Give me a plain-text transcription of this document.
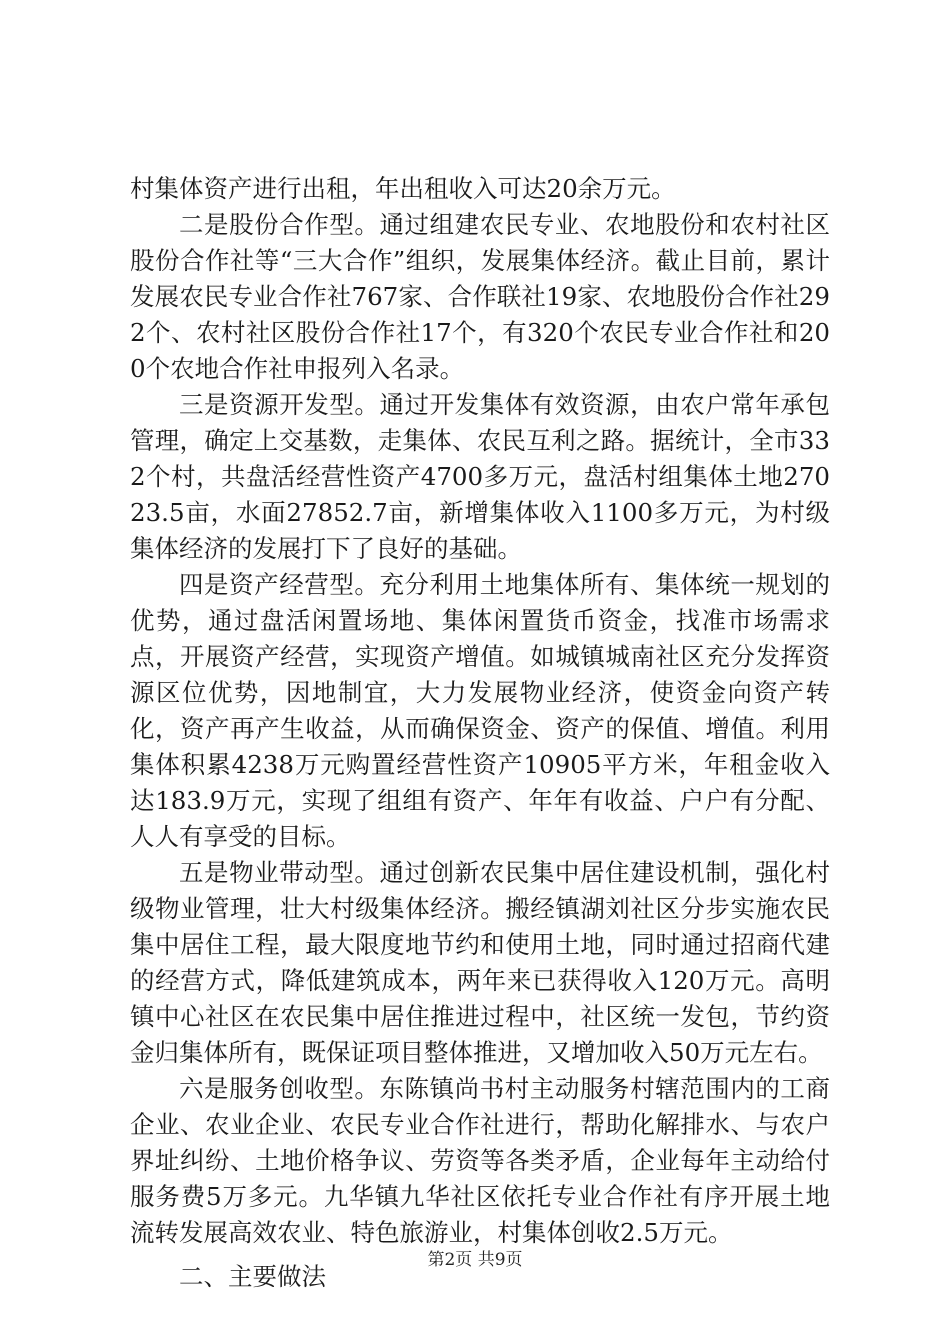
村集体资产进行出租，年出租收入可达20余万元。

二是股份合作型。通过组建农民专业、农地股份和农村社区股份合作社等“三大合作”组织，发展集体经济。截止目前，累计发展农民专业合作社767家、合作联社19家、农地股份合作社292个、农村社区股份合作社17个，有320个农民专业合作社和200个农地合作社申报列入名录。

三是资源开发型。通过开发集体有效资源，由农户常年承包管理，确定上交基数，走集体、农民互利之路。据统计，全市332个村，共盘活经营性资产4700多万元，盘活村组集体土地27023.5亩，水面27852.7亩，新增集体收入1100多万元，为村级集体经济的发展打下了良好的基础。

四是资产经营型。充分利用土地集体所有、集体统一规划的优势，通过盘活闲置场地、集体闲置货币资金，找准市场需求点，开展资产经营，实现资产增值。如城镇城南社区充分发挥资源区位优势，因地制宜，大力发展物业经济，使资金向资产转化，资产再产生收益，从而确保资金、资产的保值、增值。利用集体积累4238万元购置经营性资产10905平方米，年租金收入达183.9万元，实现了组组有资产、年年有收益、户户有分配、人人有享受的目标。

五是物业带动型。通过创新农民集中居住建设机制，强化村级物业管理，壮大村级集体经济。搬经镇湖刘社区分步实施农民集中居住工程，最大限度地节约和使用土地，同时通过招商代建的经营方式，降低建筑成本，两年来已获得收入120万元。高明镇中心社区在农民集中居住推进过程中，社区统一发包，节约资金归集体所有，既保证项目整体推进，又增加收入50万元左右。

六是服务创收型。东陈镇尚书村主动服务村辖范围内的工商企业、农业企业、农民专业合作社进行，帮助化解排水、与农户界址纠纷、土地价格争议、劳资等各类矛盾，企业每年主动给付服务费5万多元。九华镇九华社区依托专业合作社有序开展土地流转发展高效农业、特色旅游业，村集体创收2.5万元。

二、主要做法

第2页 共9页
